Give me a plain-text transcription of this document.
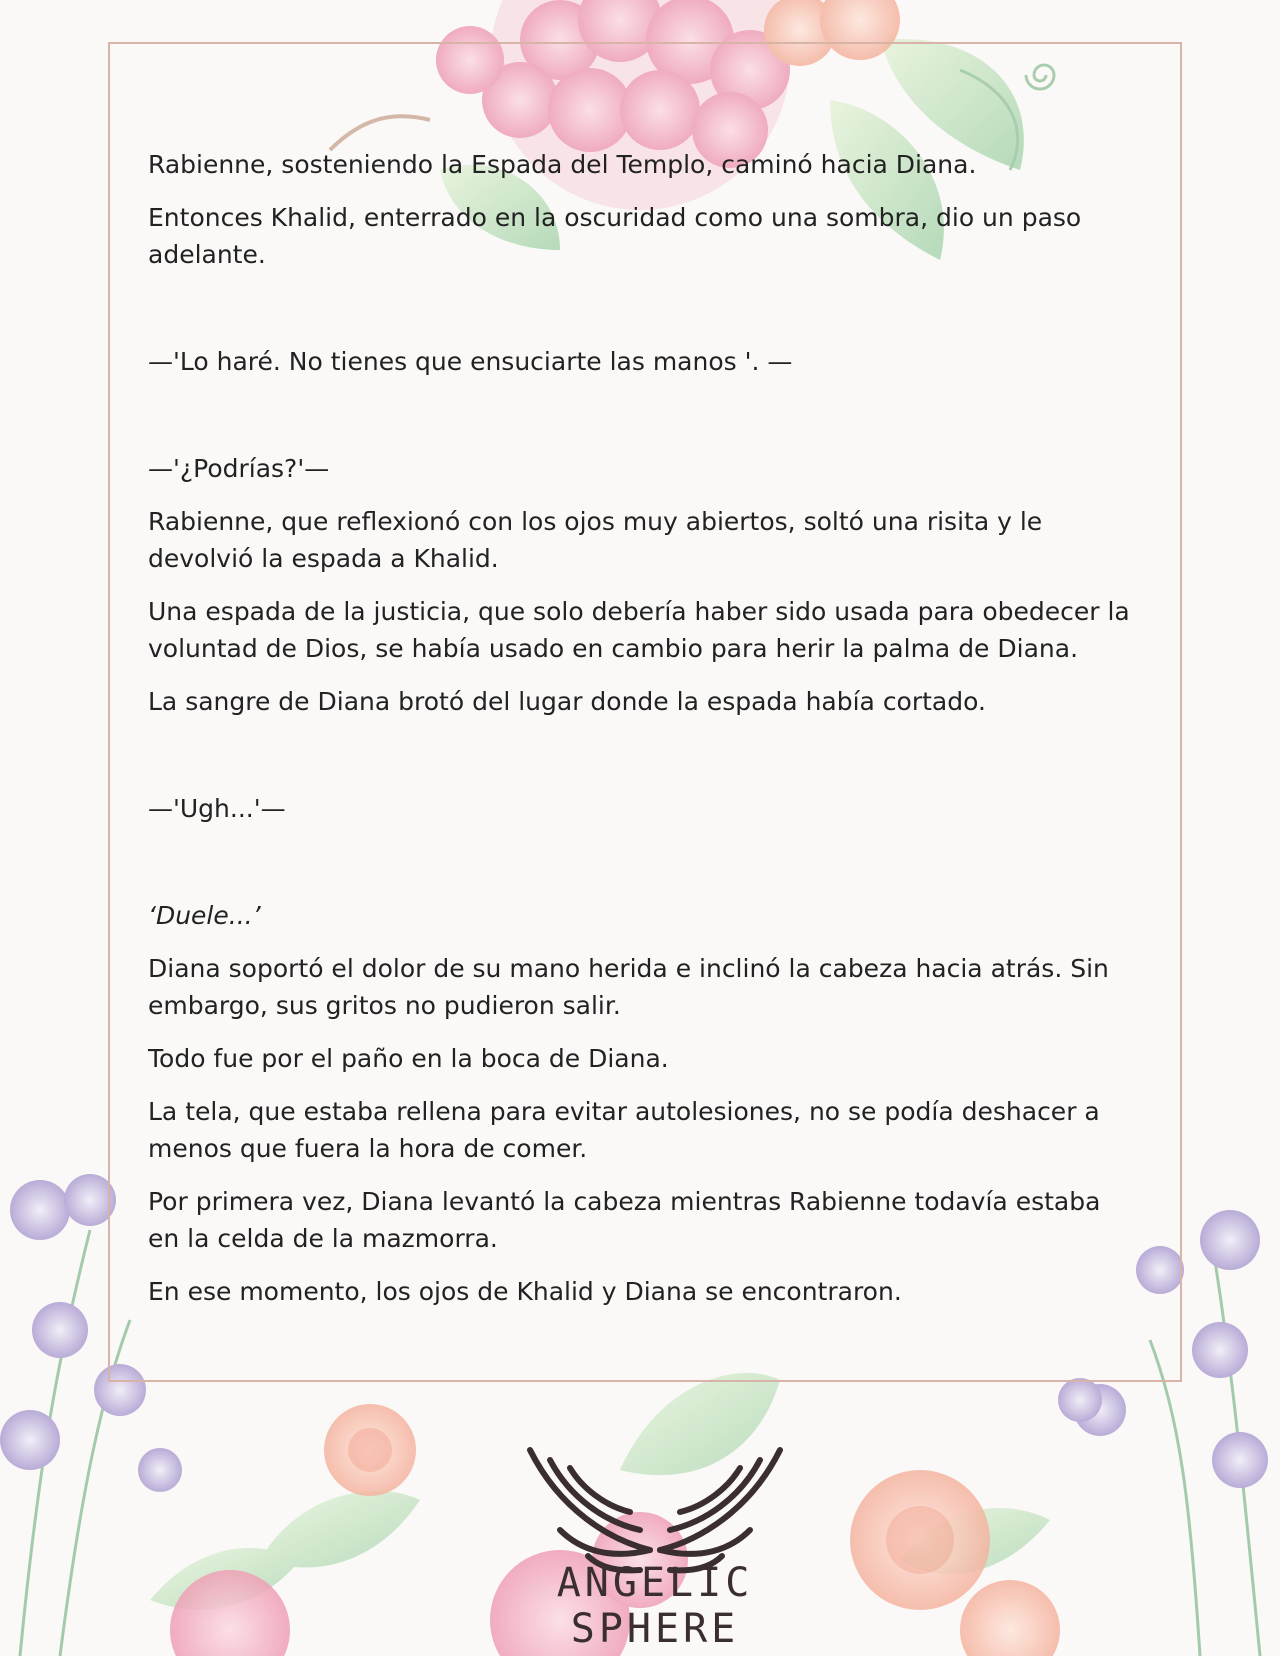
Rabienne, sosteniendo la Espada del Templo, caminó hacia Diana.

Entonces Khalid, enterrado en la oscuridad como una sombra, dio un paso adelante.

—'Lo haré. No tienes que ensuciarte las manos '. —

—'¿Podrías?'—

Rabienne, que reflexionó con los ojos muy abiertos, soltó una risita y le devolvió la espada a Khalid.

Una espada de la justicia, que solo debería haber sido usada para obedecer la voluntad de Dios, se había usado en cambio para herir la palma de Diana.

La sangre de Diana brotó del lugar donde la espada había cortado.

—'Ugh...'—

‘Duele...’

Diana soportó el dolor de su mano herida e inclinó la cabeza hacia atrás. Sin embargo, sus gritos no pudieron salir.

Todo fue por el paño en la boca de Diana.

La tela, que estaba rellena para evitar autolesiones, no se podía deshacer a menos que fuera la hora de comer.

Por primera vez, Diana levantó la cabeza mientras Rabienne todavía estaba en la celda de la mazmorra.

En ese momento, los ojos de Khalid y Diana se encontraron.

ANGELIC SPHERE
